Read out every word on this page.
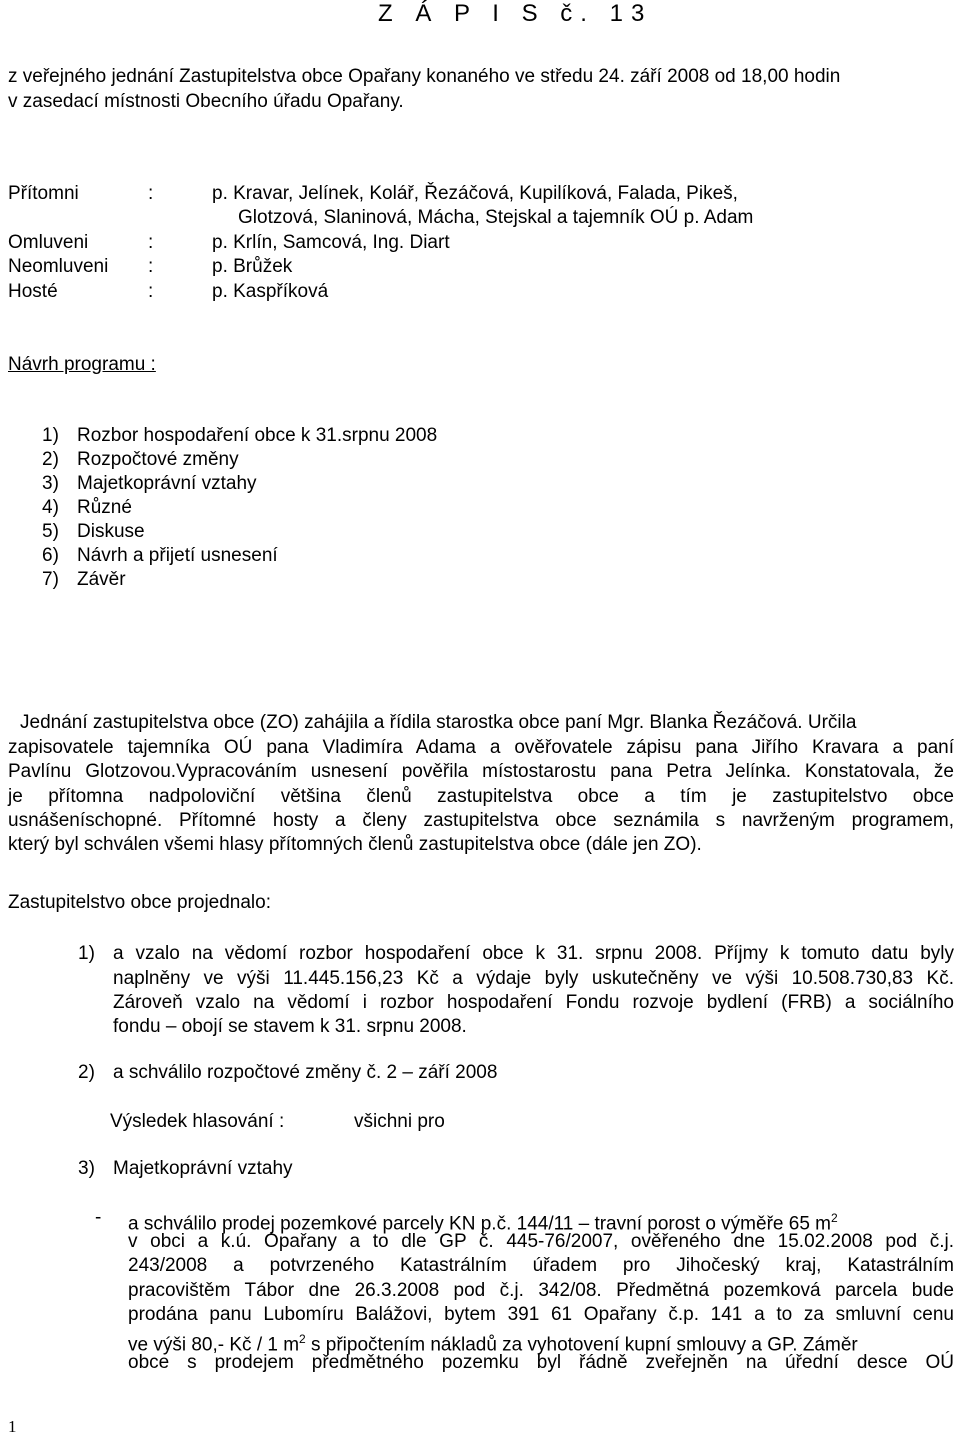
Z Á P I S č. 13
z veřejného jednání Zastupitelstva obce Opařany konaného ve středu 24. září 2008 od 18,00 hodin
v zasedací místnosti Obecního úřadu Opařany.
Přítomni	:	p. Kravar, Jelínek, Kolář, Řezáčová, Kupilíková, Falada, Pikeš,
Glotzová, Slaninová, Mácha, Stejskal a tajemník OÚ p. Adam
Omluveni	:	p. Krlín, Samcová, Ing. Diart
Neomluveni :	p. Brůžek
Hosté	:	p. Kaspříková
Návrh programu :
1) Rozbor hospodaření obce k 31.srpnu 2008
2) Rozpočtové změny
3) Majetkoprávní vztahy
4) Různé
5) Diskuse
6) Návrh a přijetí usnesení
7) Závěr
Jednání zastupitelstva obce (ZO) zahájila a řídila starostka obce paní Mgr. Blanka Řezáčová. Určila
zapisovatele tajemníka OÚ pana Vladimíra Adama a ověřovatele zápisu pana Jiřího Kravara a paní
Pavlínu Glotzovou.Vypracováním usnesení pověřila místostarostu pana Petra Jelínka. Konstatovala, že
je přítomna nadpoloviční většina členů zastupitelstva obce a tím je zastupitelstvo obce
usnášeníschopné. Přítomné hosty a členy zastupitelstva obce seznámila s navrženým programem,
který byl schválen všemi hlasy přítomných členů zastupitelstva obce (dále jen ZO).
Zastupitelstvo obce projednalo:
1) a vzalo na vědomí rozbor hospodaření obce k 31. srpnu 2008. Příjmy k tomuto datu byly
naplněny ve výši 11.445.156,23 Kč a výdaje byly uskutečněny ve výši 10.508.730,83 Kč.
Zároveň vzalo na vědomí i rozbor hospodaření Fondu rozvoje bydlení (FRB) a sociálního
fondu – obojí se stavem k 31. srpnu 2008.
2) a schválilo rozpočtové změny č. 2 – září 2008
Výsledek hlasování :	všichni pro
3) Majetkoprávní vztahy
- a schválilo prodej pozemkové parcely KN p.č. 144/11 – travní porost o výměře 65 $m^2$
v obci a k.ú. Opařany a to dle GP č. 445-76/2007, ověřeného dne 15.02.2008 pod č.j.
243/2008 a potvrzeného Katastrálním úřadem pro Jihočeský kraj, Katastrálním
pracovištěm Tábor dne 26.3.2008 pod č.j. 342/08. Předmětná pozemková parcela bude
prodána panu Lubomíru Balážovi, bytem 391 61 Opařany č.p. 141 a to za smluvní cenu
ve výši 80,- Kč / 1 $m^2$ s připočtením nákladů za vyhotovení kupní smlouvy a GP. Záměr
obce s prodejem předmětného pozemku byl řádně zveřejněn na úřední desce OÚ
1
